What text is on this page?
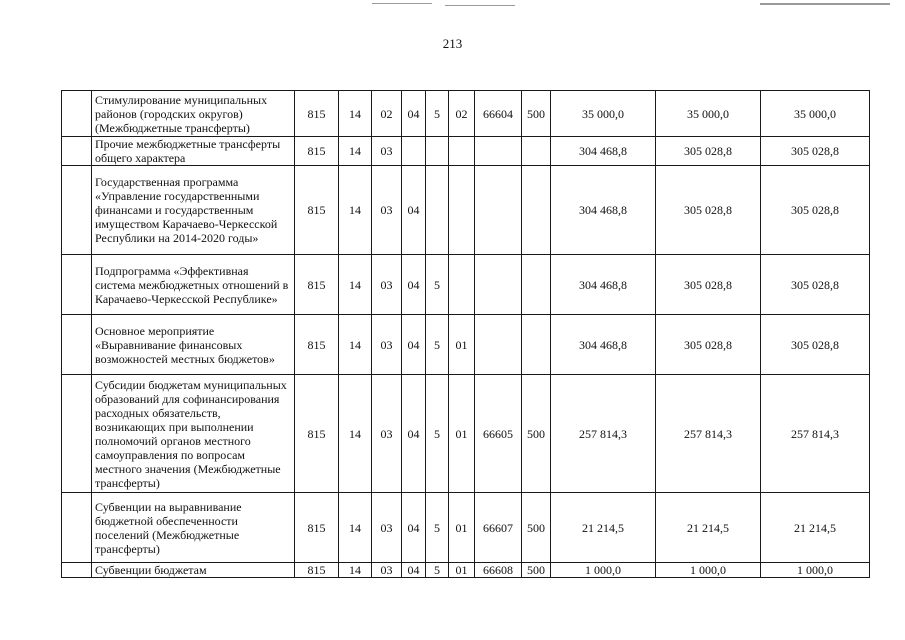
213
	Стимулирование муниципальных районов (городских округов) (Межбюджетные трансферты)	815	14	02	04	5	02	66604	500	35 000,0	35 000,0	35 000,0
	Прочие межбюджетные трансферты общего характера	815	14	03						304 468,8	305 028,8	305 028,8
	Государственная программа «Управление государственными финансами и государственным имуществом Карачаево-Черкесской Республики на 2014-2020 годы»	815	14	03	04					304 468,8	305 028,8	305 028,8
	Подпрограмма «Эффективная система межбюджетных отношений в Карачаево-Черкесской Республике»	815	14	03	04	5				304 468,8	305 028,8	305 028,8
	Основное мероприятие «Выравнивание финансовых возможностей местных бюджетов»	815	14	03	04	5	01			304 468,8	305 028,8	305 028,8
	Субсидии бюджетам муниципальных образований для софинансирования расходных обязательств, возникающих при выполнении полномочий органов местного самоуправления по вопросам местного значения (Межбюджетные трансферты)	815	14	03	04	5	01	66605	500	257 814,3	257 814,3	257 814,3
	Субвенции на выравнивание бюджетной обеспеченности поселений (Межбюджетные трансферты)	815	14	03	04	5	01	66607	500	21 214,5	21 214,5	21 214,5
	Субвенции бюджетам	815	14	03	04	5	01	66608	500	1 000,0	1 000,0	1 000,0
